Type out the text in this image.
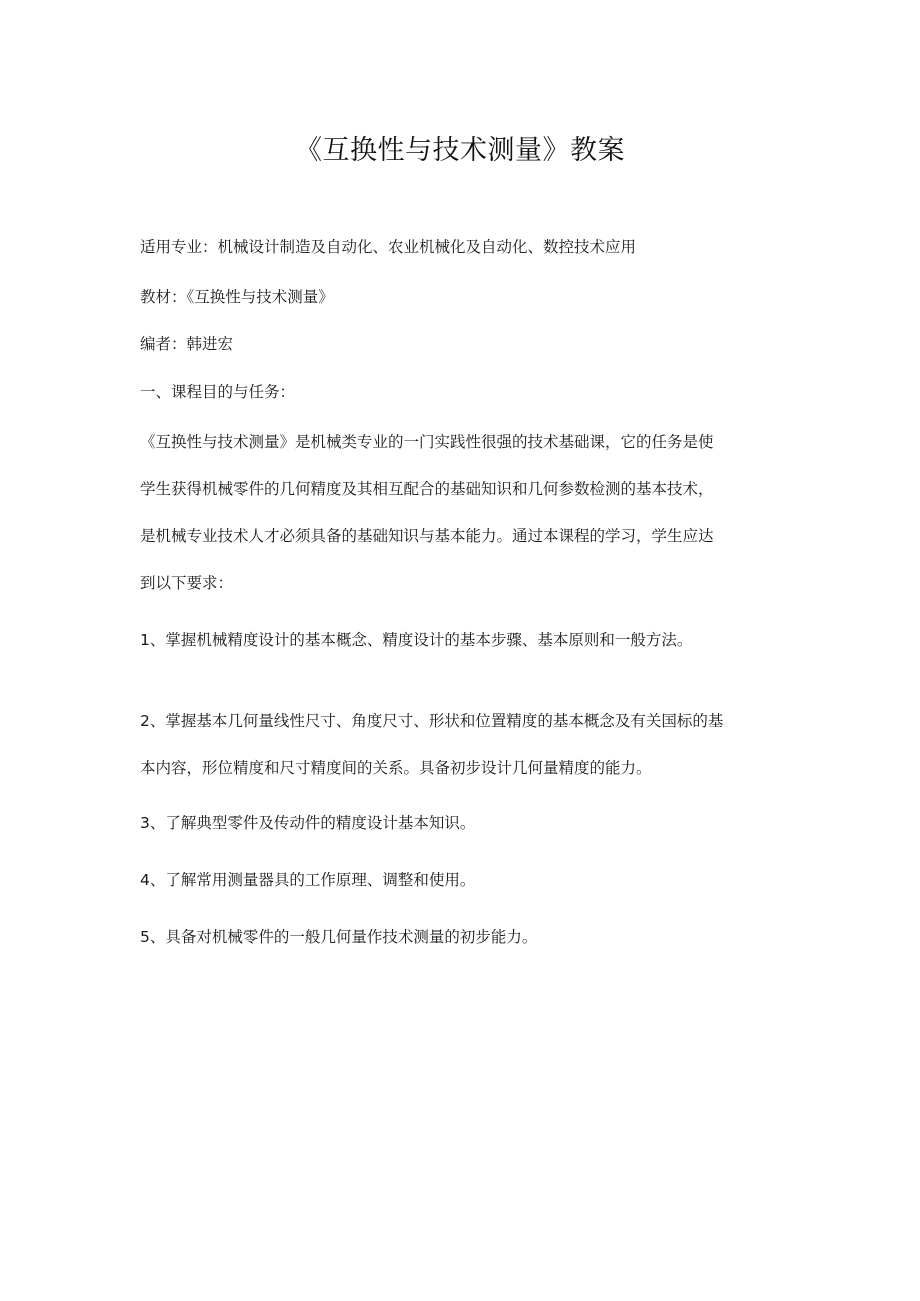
《互换性与技术测量》教案
适用专业：机械设计制造及自动化、农业机械化及自动化、数控技术应用
教材：《互换性与技术测量》
编者：韩进宏
一、课程目的与任务：
《互换性与技术测量》是机械类专业的一门实践性很强的技术基础课，它的任务是使
学生获得机械零件的几何精度及其相互配合的基础知识和几何参数检测的基本技术，
是机械专业技术人才必须具备的基础知识与基本能力。通过本课程的学习，学生应达
到以下要求：
1、掌握机械精度设计的基本概念、精度设计的基本步骤、基本原则和一般方法。
2、掌握基本几何量线性尺寸、角度尺寸、形状和位置精度的基本概念及有关国标的基
本内容，形位精度和尺寸精度间的关系。具备初步设计几何量精度的能力。
3、了解典型零件及传动件的精度设计基本知识。
4、了解常用测量器具的工作原理、调整和使用。
5、具备对机械零件的一般几何量作技术测量的初步能力。
